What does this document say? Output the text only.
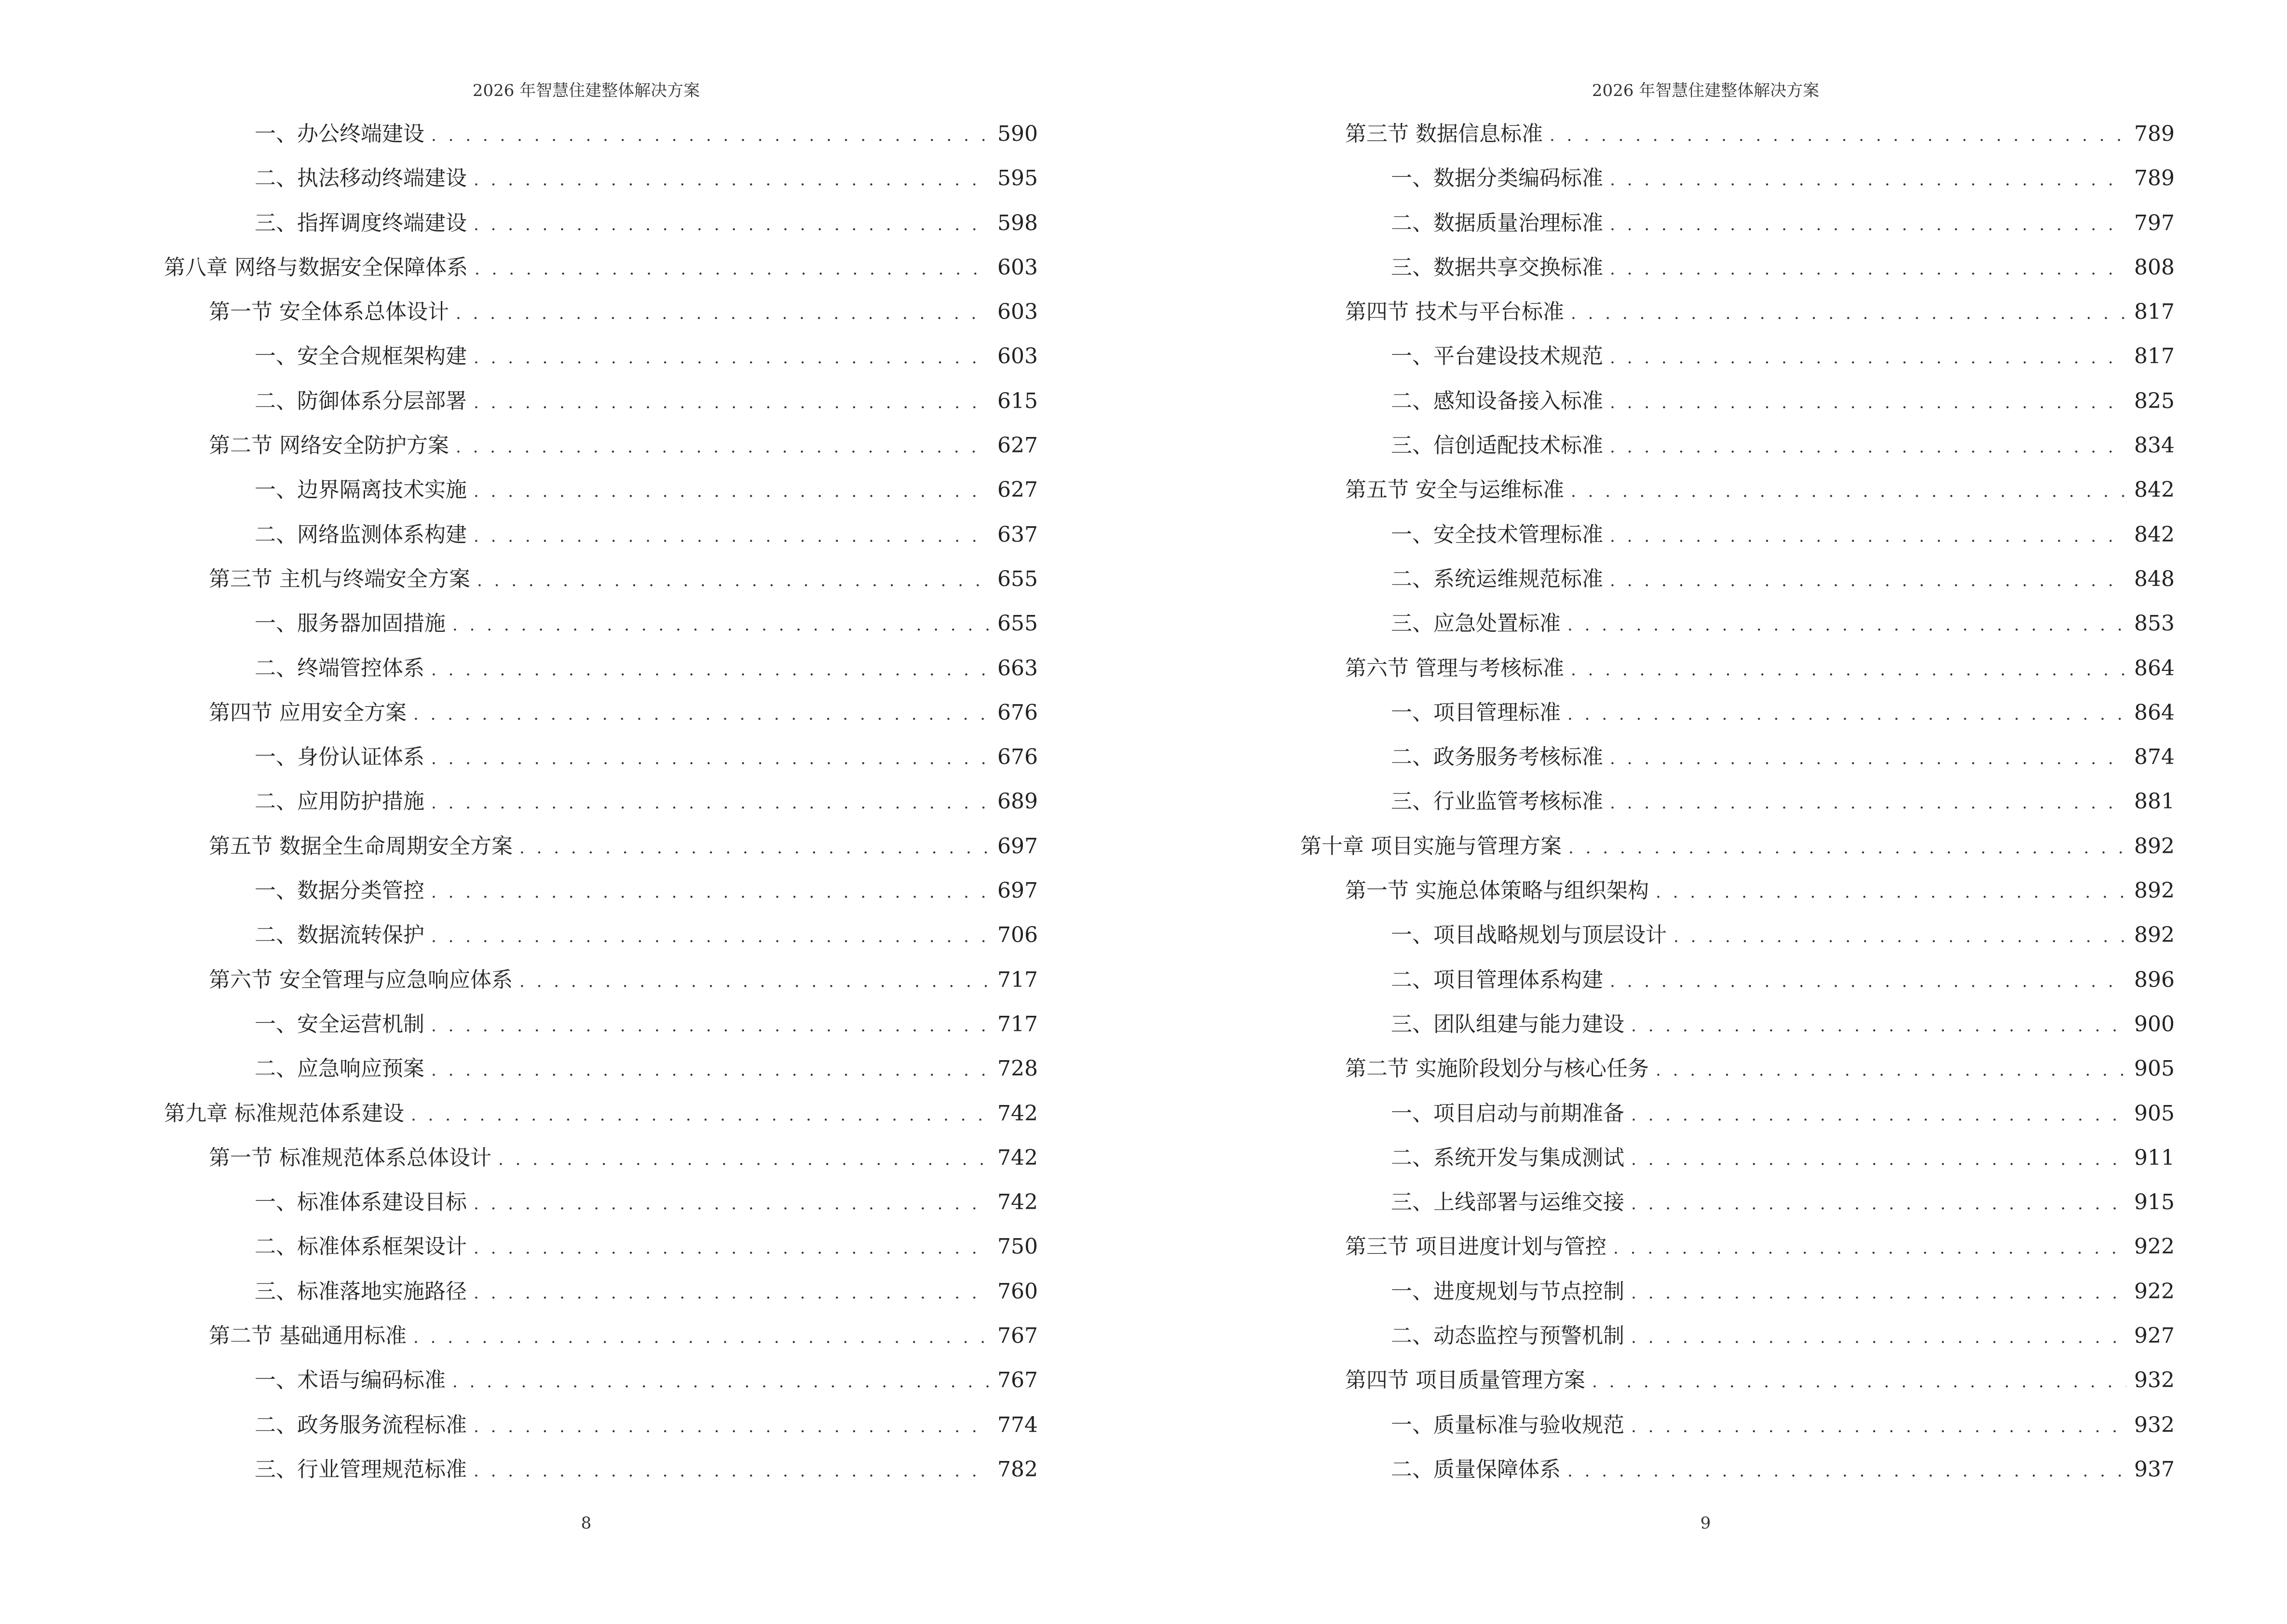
2026 年智慧住建整体解决方案
一、办公终端建设 . . .	590
二、执法移动终端建设 . . .	595
三、指挥调度终端建设 . . .	598
第八章 网络与数据安全保障体系 . . .	603
第一节 安全体系总体设计 . . .	603
一、安全合规框架构建 . . .	603
二、防御体系分层部署 . . .	615
第二节 网络安全防护方案 . . .	627
一、边界隔离技术实施 . . .	627
二、网络监测体系构建 . . .	637
第三节 主机与终端安全方案 . . .	655
一、服务器加固措施 . . .	655
二、终端管控体系 . . .	663
第四节 应用安全方案 . . .	676
一、身份认证体系 . . .	676
二、应用防护措施 . . .	689
第五节 数据全生命周期安全方案 . . .	697
一、数据分类管控 . . .	697
二、数据流转保护 . . .	706
第六节 安全管理与应急响应体系 . . .	717
一、安全运营机制 . . .	717
二、应急响应预案 . . .	728
第九章 标准规范体系建设 . . .	742
第一节 标准规范体系总体设计 . . .	742
一、标准体系建设目标 . . .	742
二、标准体系框架设计 . . .	750
三、标准落地实施路径 . . .	760
第二节 基础通用标准 . . .	767
一、术语与编码标准 . . .	767
二、政务服务流程标准 . . .	774
三、行业管理规范标准 . . .	782
8
2026 年智慧住建整体解决方案
第三节 数据信息标准 . . .	789
一、数据分类编码标准 . . .	789
二、数据质量治理标准 . . .	797
三、数据共享交换标准 . . .	808
第四节 技术与平台标准 . . .	817
一、平台建设技术规范 . . .	817
二、感知设备接入标准 . . .	825
三、信创适配技术标准 . . .	834
第五节 安全与运维标准 . . .	842
一、安全技术管理标准 . . .	842
二、系统运维规范标准 . . .	848
三、应急处置标准 . . .	853
第六节 管理与考核标准 . . .	864
一、项目管理标准 . . .	864
二、政务服务考核标准 . . .	874
三、行业监管考核标准 . . .	881
第十章 项目实施与管理方案 . . .	892
第一节 实施总体策略与组织架构 . . .	892
一、项目战略规划与顶层设计 . . .	892
二、项目管理体系构建 . . .	896
三、团队组建与能力建设 . . .	900
第二节 实施阶段划分与核心任务 . . .	905
一、项目启动与前期准备 . . .	905
二、系统开发与集成测试 . . .	911
三、上线部署与运维交接 . . .	915
第三节 项目进度计划与管控 . . .	922
一、进度规划与节点控制 . . .	922
二、动态监控与预警机制 . . .	927
第四节 项目质量管理方案 . . .	932
一、质量标准与验收规范 . . .	932
二、质量保障体系 . . .	937
9
